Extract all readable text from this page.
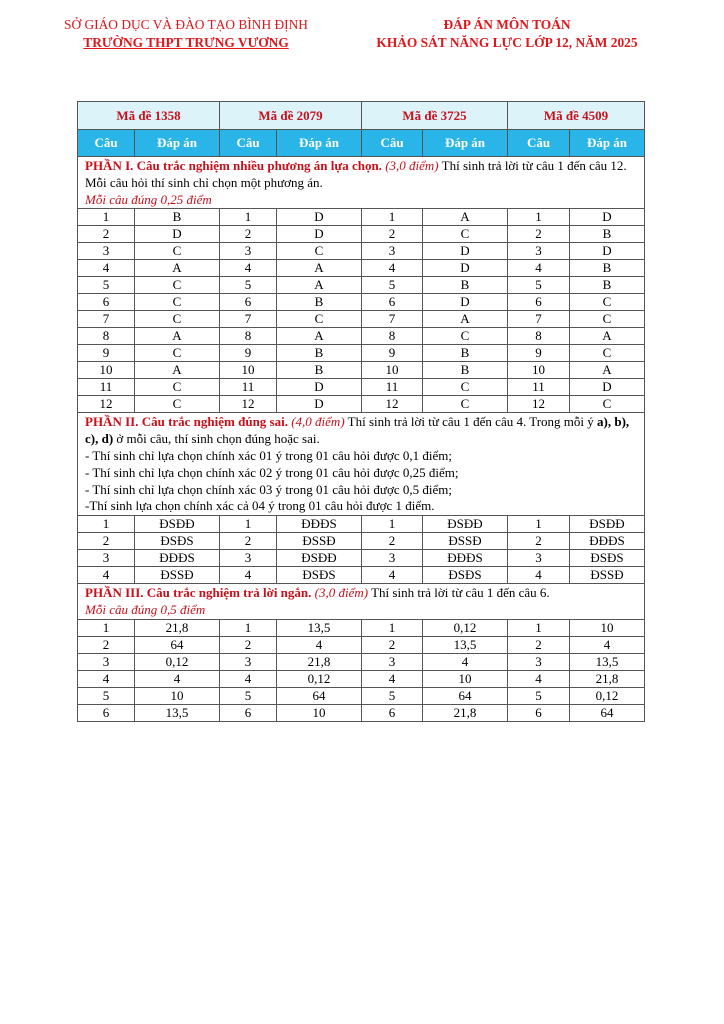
SỞ GIÁO DỤC VÀ ĐÀO TẠO BÌNH ĐỊNH
TRƯỜNG THPT TRƯNG VƯƠNG
ĐÁP ÁN MÔN TOÁN
KHẢO SÁT NĂNG LỰC LỚP 12, NĂM 2025
Mã đề 1358		Mã đề 2079		Mã đề 3725		Mã đề 4509	
Câu	Đáp án	Câu	Đáp án	Câu	Đáp án	Câu	Đáp án
PHẦN I. Câu trắc nghiệm nhiều phương án lựa chọn. (3,0 điểm) Thí sinh trả lời từ câu 1 đến câu 12. Mỗi câu hỏi thí sinh chỉ chọn một phương án.
Mỗi câu đúng 0,25 điểm							

1	B	1	D	1	A	1	D
2	D	2	D	2	C	2	B
3	C	3	C	3	D	3	D
4	A	4	A	4	D	4	B
5	C	5	A	5	B	5	B
6	C	6	B	6	D	6	C
7	C	7	C	7	A	7	C
8	A	8	A	8	C	8	A
9	C	9	B	9	B	9	C
10	A	10	B	10	B	10	A
11	C	11	D	11	C	11	D
12	C	12	D	12	C	12	C
PHẦN II. Câu trắc nghiệm đúng sai. (4,0 điểm) Thí sinh trả lời từ câu 1 đến câu 4. Trong mỗi ý a), b), c), d) ở mỗi câu, thí sinh chọn đúng hoặc sai.
- Thí sinh chỉ lựa chọn chính xác 01 ý trong 01 câu hỏi được 0,1 điểm;
- Thí sinh chỉ lựa chọn chính xác 02 ý trong 01 câu hỏi được 0,25 điểm;
- Thí sinh chỉ lựa chọn chính xác 03 ý trong 01 câu hỏi được 0,5 điểm;
-Thí sinh lựa chọn chính xác cả 04 ý trong 01 câu hỏi được 1 điểm.							

1	ĐSĐĐ	1	ĐĐĐS	1	ĐSĐĐ	1	ĐSĐĐ
2	ĐSĐS	2	ĐSSĐ	2	ĐSSĐ	2	ĐĐĐS
3	ĐĐĐS	3	ĐSĐĐ	3	ĐĐĐS	3	ĐSĐS
4	ĐSSĐ	4	ĐSĐS	4	ĐSĐS	4	ĐSSĐ
PHẦN III. Câu trắc nghiệm trả lời ngắn. (3,0 điểm) Thí sinh trả lời từ câu 1 đến câu 6.
Mỗi câu đúng 0,5 điểm							

1	21,8	1	13,5	1	0,12	1	10
2	64	2	4	2	13,5	2	4
3	0,12	3	21,8	3	4	3	13,5
4	4	4	0,12	4	10	4	21,8
5	10	5	64	5	64	5	0,12
6	13,5	6	10	6	21,8	6	64
